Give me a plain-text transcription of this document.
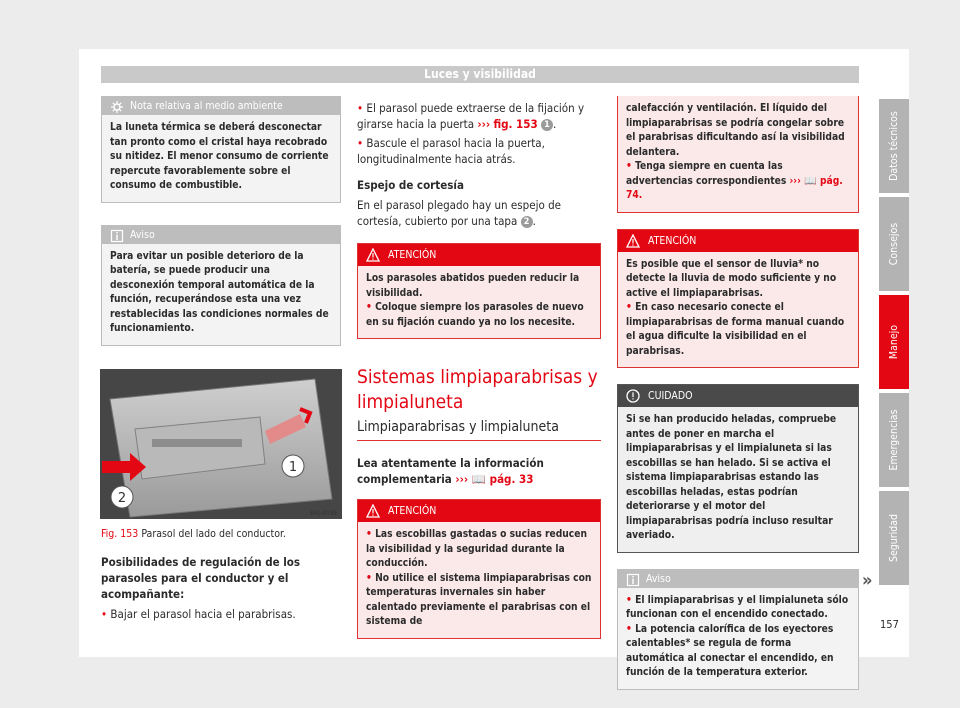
Luces y visibilidad
Nota relativa al medio ambiente
La luneta térmica se deberá desconectar tan pronto como el cristal haya recobrado su nitidez. El menor consumo de corriente repercute favorablemente sobre el consumo de combustible.
Aviso
Para evitar un posible deterioro de la batería, se puede producir una desconexión temporal automática de la función, recuperándose esta una vez restablecidas las condiciones normales de funcionamiento.
1
2
B4J-0039

Fig. 153 Parasol del lado del conductor.

Posibilidades de regulación de los parasoles para el conductor y el acompañante:

• Bajar el parasol hacia el parabrisas.

• El parasol puede extraerse de la fijación y girarse hacia la puerta ››› fig. 153 1 .

• Bascule el parasol hacia la puerta, longitudinalmente hacia atrás.

Espejo de cortesía

En el parasol plegado hay un espejo de cortesía, cubierto por una tapa 2 .

ATENCIÓN

Los parasoles abatidos pueden reducir la visibilidad.

• Coloque siempre los parasoles de nuevo en su fijación cuando ya no los necesite.

Sistemas limpiaparabrisas y limpialuneta
Limpiaparabrisas y limpialuneta

Lea atentamente la información complementaria ››› 📖 pág. 33

ATENCIÓN

• Las escobillas gastadas o sucias reducen la visibilidad y la seguridad durante la conducción.

• No utilice el sistema limpiaparabrisas con temperaturas invernales sin haber calentado previamente el parabrisas con el sistema de

calefacción y ventilación. El líquido del limpiaparabrisas se podría congelar sobre el parabrisas dificultando así la visibilidad delantera.

• Tenga siempre en cuenta las advertencias correspondientes ››› 📖 pág. 74.

ATENCIÓN

Es posible que el sensor de lluvia* no detecte la lluvia de modo suficiente y no active el limpiaparabrisas.

• En caso necesario conecte el limpiaparabrisas de forma manual cuando el agua dificulte la visibilidad en el parabrisas.

CUIDADO
Si se han producido heladas, compruebe antes de poner en marcha el limpiaparabrisas y el limpialuneta si las escobillas se han helado. Si se activa el sistema limpiaparabrisas estando las escobillas heladas, estas podrían deteriorarse y el motor del limpiaparabrisas podría incluso resultar averiado.
Aviso

• El limpiaparabrisas y el limpialuneta sólo funcionan con el encendido conectado.

• La potencia calorífica de los eyectores calentables* se regula de forma automática al conectar el encendido, en función de la temperatura exterior.

»
Datos técnicos
Consejos
Manejo
Emergencias
Seguridad
157
